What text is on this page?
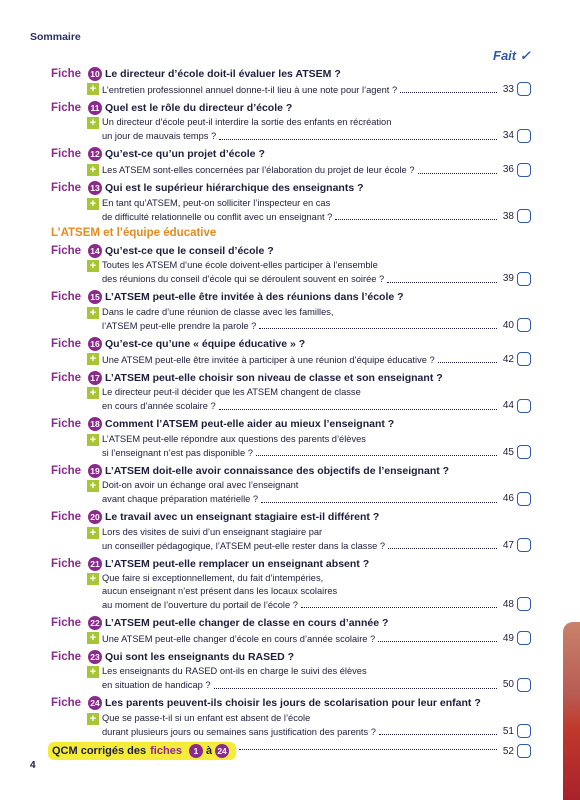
Sommaire
Fait ✓
Fiche	10 Le directeur d’école doit-il évaluer les ATSEM ?
+ L’entretien professionnel annuel donne-t-il lieu à une note pour l’agent ?	33
Fiche	11 Quel est le rôle du directeur d’école ?
+ Un directeur d’école peut-il interdire la sortie des enfants en récréation
un jour de mauvais temps ?	34
Fiche	12 Qu’est-ce qu’un projet d’école ?
+ Les ATSEM sont-elles concernées par l’élaboration du projet de leur école ?	36
Fiche	13 Qui est le supérieur hiérarchique des enseignants ?
+ En tant qu’ATSEM, peut-on solliciter l’inspecteur en cas
de difficulté relationnelle ou conflit avec un enseignant ?	38
L’ATSEM et l’équipe éducative
Fiche	14 Qu’est-ce que le conseil d’école ?
+ Toutes les ATSEM d’une école doivent-elles participer à l’ensemble
des réunions du conseil d’école qui se déroulent souvent en soirée ?	39
Fiche	15 L’ATSEM peut-elle être invitée à des réunions dans l’école ?
+ Dans le cadre d’une réunion de classe avec les familles,
l’ATSEM peut-elle prendre la parole ?	40
Fiche	16 Qu’est-ce qu’une « équipe éducative » ?
+ Une ATSEM peut-elle être invitée à participer à une réunion d’équipe éducative ?	42
Fiche	17 L’ATSEM peut-elle choisir son niveau de classe et son enseignant ?
+ Le directeur peut-il décider que les ATSEM changent de classe
en cours d’année scolaire ?	44
Fiche	18 Comment l’ATSEM peut-elle aider au mieux l’enseignant ?
+ L’ATSEM peut-elle répondre aux questions des parents d’élèves
si l’enseignant n’est pas disponible ?	45
Fiche	19 L’ATSEM doit-elle avoir connaissance des objectifs de l’enseignant ?
+ Doit-on avoir un échange oral avec l’enseignant
avant chaque préparation matérielle ?	46
Fiche	20 Le travail avec un enseignant stagiaire est-il différent ?
+ Lors des visites de suivi d’un enseignant stagiaire par
un conseiller pédagogique, l’ATSEM peut-elle rester dans la classe ?	47
Fiche	21 L’ATSEM peut-elle remplacer un enseignant absent ?
+ Que faire si exceptionnellement, du fait d’intempéries,
aucun enseignant n’est présent dans les locaux scolaires
au moment de l’ouverture du portail de l’école ?	48
Fiche	22 L’ATSEM peut-elle changer de classe en cours d’année ?
+ Une ATSEM peut-elle changer d’école en cours d’année scolaire ?	49
Fiche	23 Qui sont les enseignants du RASED ?
+ Les enseignants du RASED ont-ils en charge le suivi des élèves
en situation de handicap ?	50
Fiche	24 Les parents peuvent-ils choisir les jours de scolarisation pour leur enfant ?
+ Que se passe-t-il si un enfant est absent de l’école
durant plusieurs jours ou semaines sans justification des parents ?	51
QCM corrigés des fiches	1 à 24	52
4
